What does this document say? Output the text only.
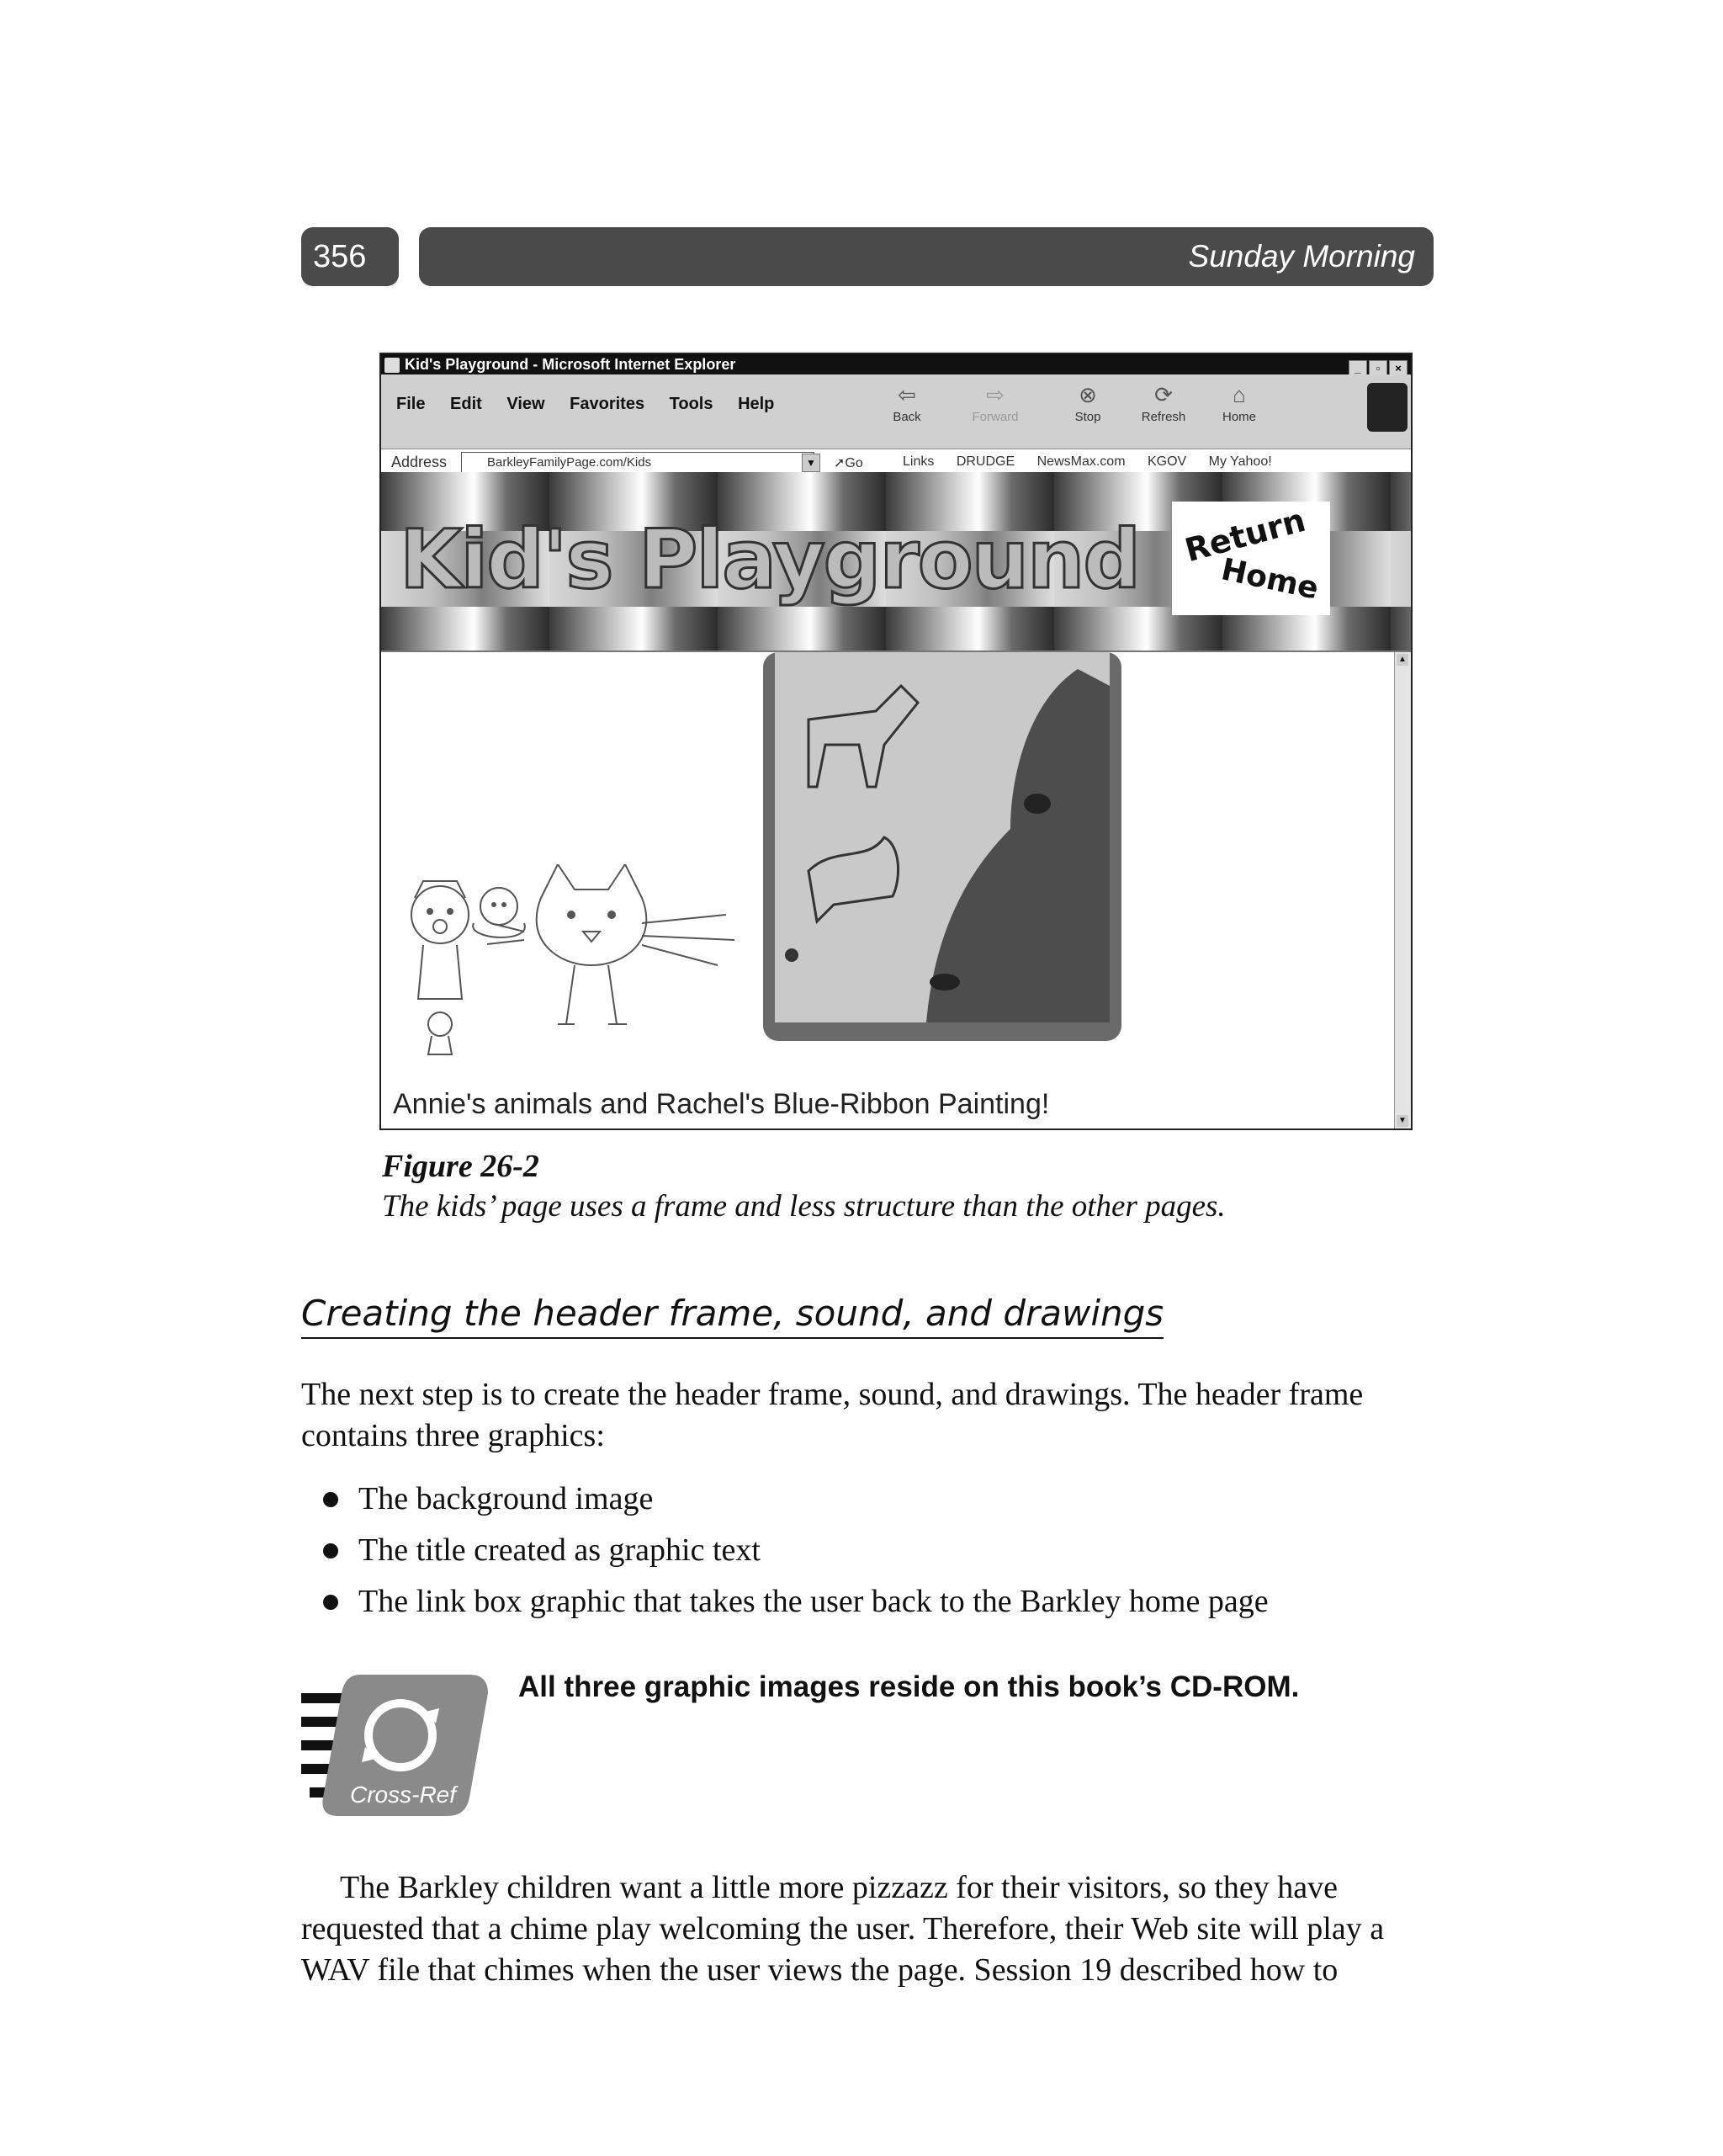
356	Sunday Morning
Kid's Playground - Microsoft Internet Explorer	_ ▫ ×
File Edit View Favorites Tools Help	⇦
Back
⇨
Forward
⊗
Stop
⟳
Refresh
⌂
Home
Address	BarkleyFamilyPage.com/Kids	▼	➚Go	Links DRUDGE NewsMax.com KGOV My Yahoo!
Kid's Playground Return
Home
Annie's animals and Rachel's Blue-Ribbon Painting!
▲
▼
Figure 26-2
The kids’ page uses a frame and less structure than the other pages.
Creating the header frame, sound, and drawings
The next step is to create the header frame, sound, and drawings. The header frame contains three graphics:
The background image
The title created as graphic text
The link box graphic that takes the user back to the Barkley home page
Cross-Ref
All three graphic images reside on this book’s CD-ROM.
The Barkley children want a little more pizzazz for their visitors, so they have requested that a chime play welcoming the user. Therefore, their Web site will play a WAV file that chimes when the user views the page. Session 19 described how to
